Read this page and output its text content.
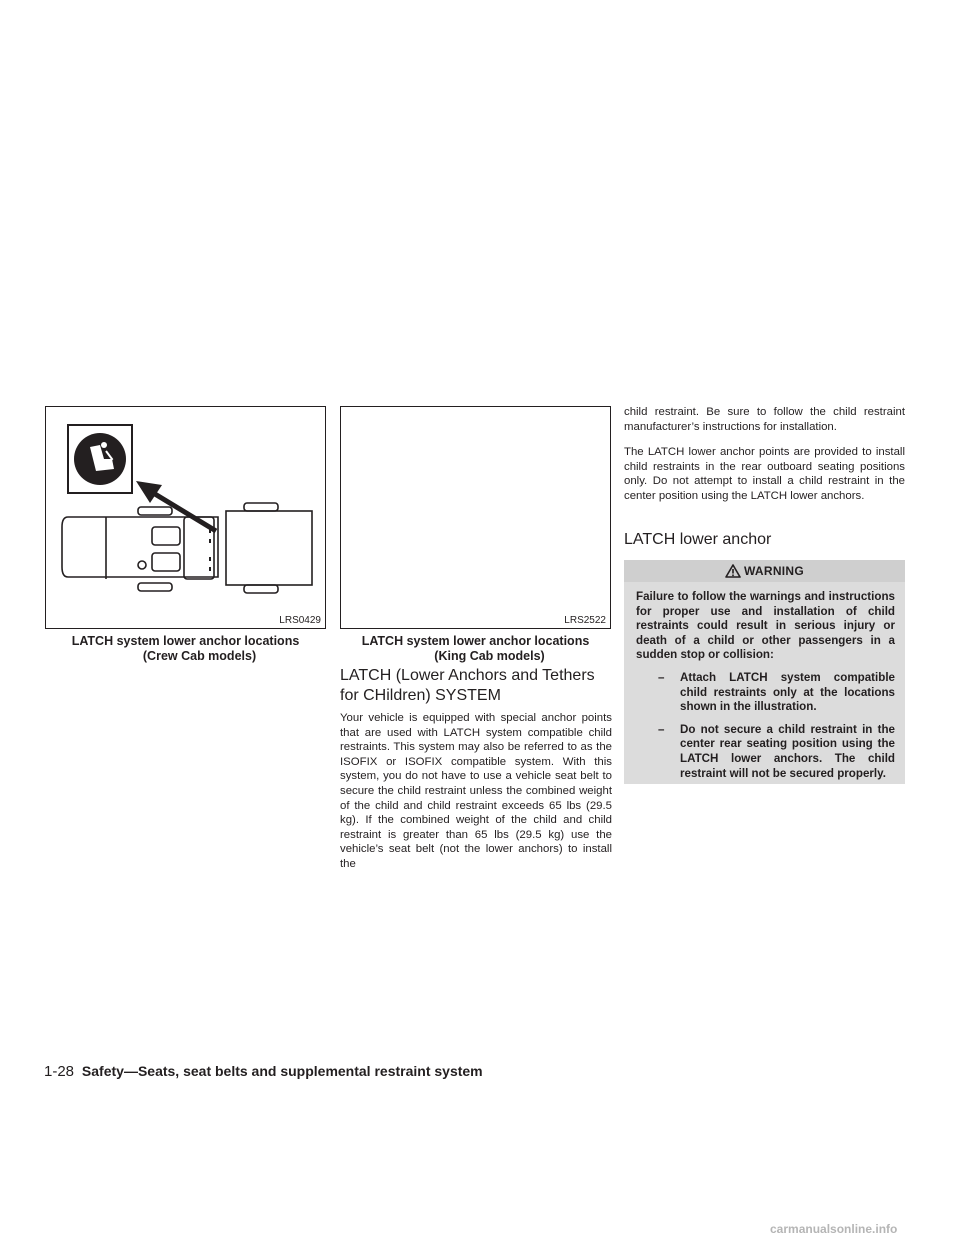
LRS0429
LATCH system lower anchor locations
(Crew Cab models)
LRS2522
LATCH system lower anchor locations
(King Cab models)
LATCH (Lower Anchors and Tethers
for CHildren) SYSTEM

Your vehicle is equipped with special anchor points that are used with LATCH system compatible child restraints. This system may also be referred to as the ISOFIX or ISOFIX compatible system. With this system, you do not have to use a vehicle seat belt to secure the child restraint unless the combined weight of the child and child restraint exceeds 65 lbs (29.5 kg). If the combined weight of the child and child restraint is greater than 65 lbs (29.5 kg) use the vehicle’s seat belt (not the lower anchors) to install the

child restraint. Be sure to follow the child restraint manufacturer’s instructions for installation.

The LATCH lower anchor points are provided to install child restraints in the rear outboard seating positions only. Do not attempt to install a child restraint in the center position using the LATCH lower anchors.

LATCH lower anchor
WARNING
Failure to follow the warnings and instructions for proper use and installation of child restraints could result in serious injury or death of a child or other passengers in a sudden stop or collision:
– Attach LATCH system compatible child restraints only at the locations shown in the illustration.
– Do not secure a child restraint in the center rear seating position using the LATCH lower anchors. The child restraint will not be secured properly.
1-28 Safety—Seats, seat belts and supplemental restraint system
carmanualsonline.info
